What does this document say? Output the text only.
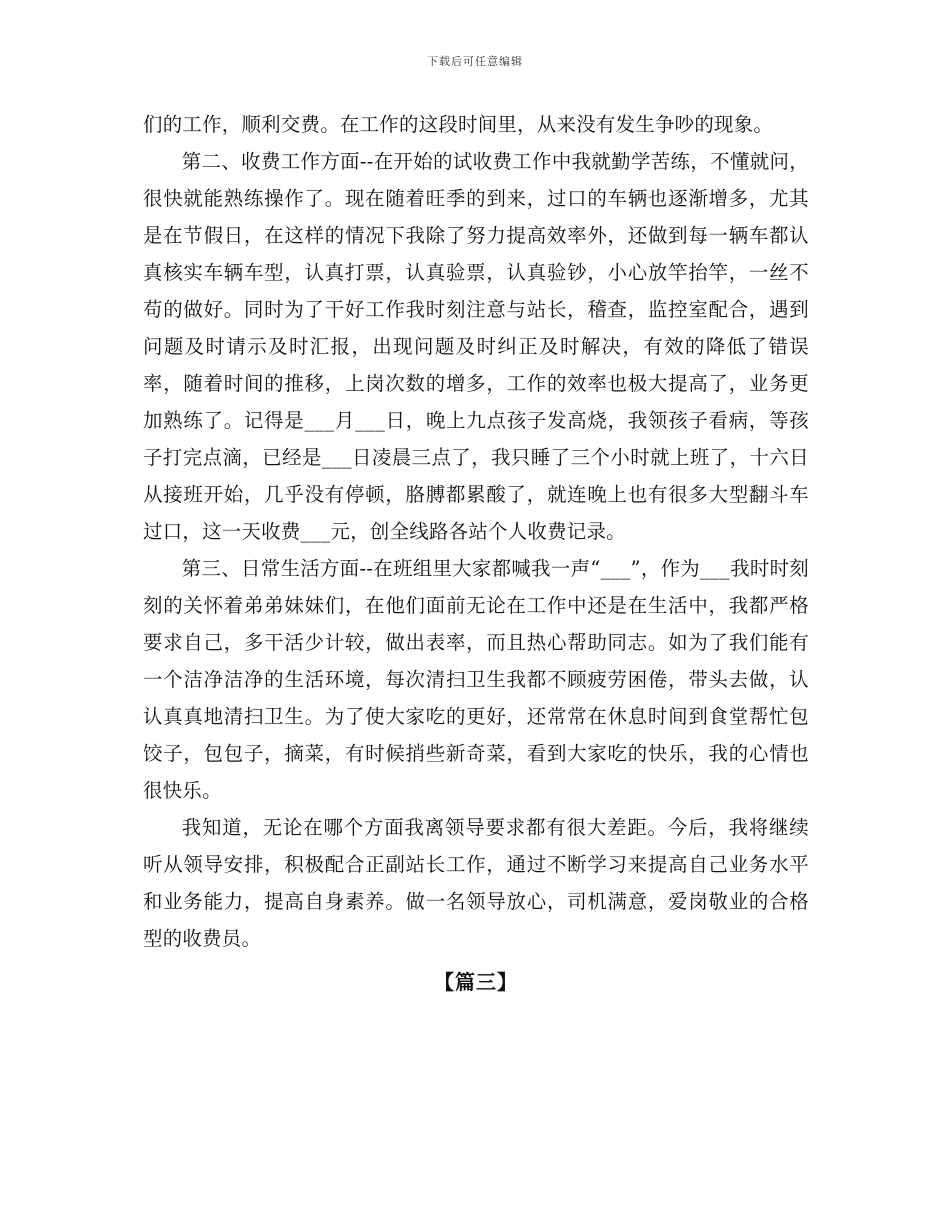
下载后可任意编辑

们的工作，顺利交费。在工作的这段时间里，从来没有发生争吵的现象。

第二、收费工作方面--在开始的试收费工作中我就勤学苦练，不懂就问，很快就能熟练操作了。现在随着旺季的到来，过口的车辆也逐渐增多，尤其是在节假日，在这样的情况下我除了努力提高效率外，还做到每一辆车都认真核实车辆车型，认真打票，认真验票，认真验钞，小心放竿抬竿，一丝不苟的做好。同时为了干好工作我时刻注意与站长，稽查，监控室配合，遇到问题及时请示及时汇报，出现问题及时纠正及时解决，有效的降低了错误率，随着时间的推移，上岗次数的增多，工作的效率也极大提高了，业务更加熟练了。记得是___月___日，晚上九点孩子发高烧，我领孩子看病，等孩子打完点滴，已经是___日凌晨三点了，我只睡了三个小时就上班了，十六日从接班开始，几乎没有停顿，胳膊都累酸了，就连晚上也有很多大型翻斗车过口，这一天收费___元，创全线路各站个人收费记录。

第三、日常生活方面--在班组里大家都喊我一声“___”，作为___我时时刻刻的关怀着弟弟妹妹们，在他们面前无论在工作中还是在生活中，我都严格要求自己，多干活少计较，做出表率，而且热心帮助同志。如为了我们能有一个洁净洁净的生活环境，每次清扫卫生我都不顾疲劳困倦，带头去做，认认真真地清扫卫生。为了使大家吃的更好，还常常在休息时间到食堂帮忙包饺子，包包子，摘菜，有时候捎些新奇菜，看到大家吃的快乐，我的心情也很快乐。

我知道，无论在哪个方面我离领导要求都有很大差距。今后，我将继续听从领导安排，积极配合正副站长工作，通过不断学习来提高自己业务水平和业务能力，提高自身素养。做一名领导放心，司机满意，爱岗敬业的合格型的收费员。

【篇三】
